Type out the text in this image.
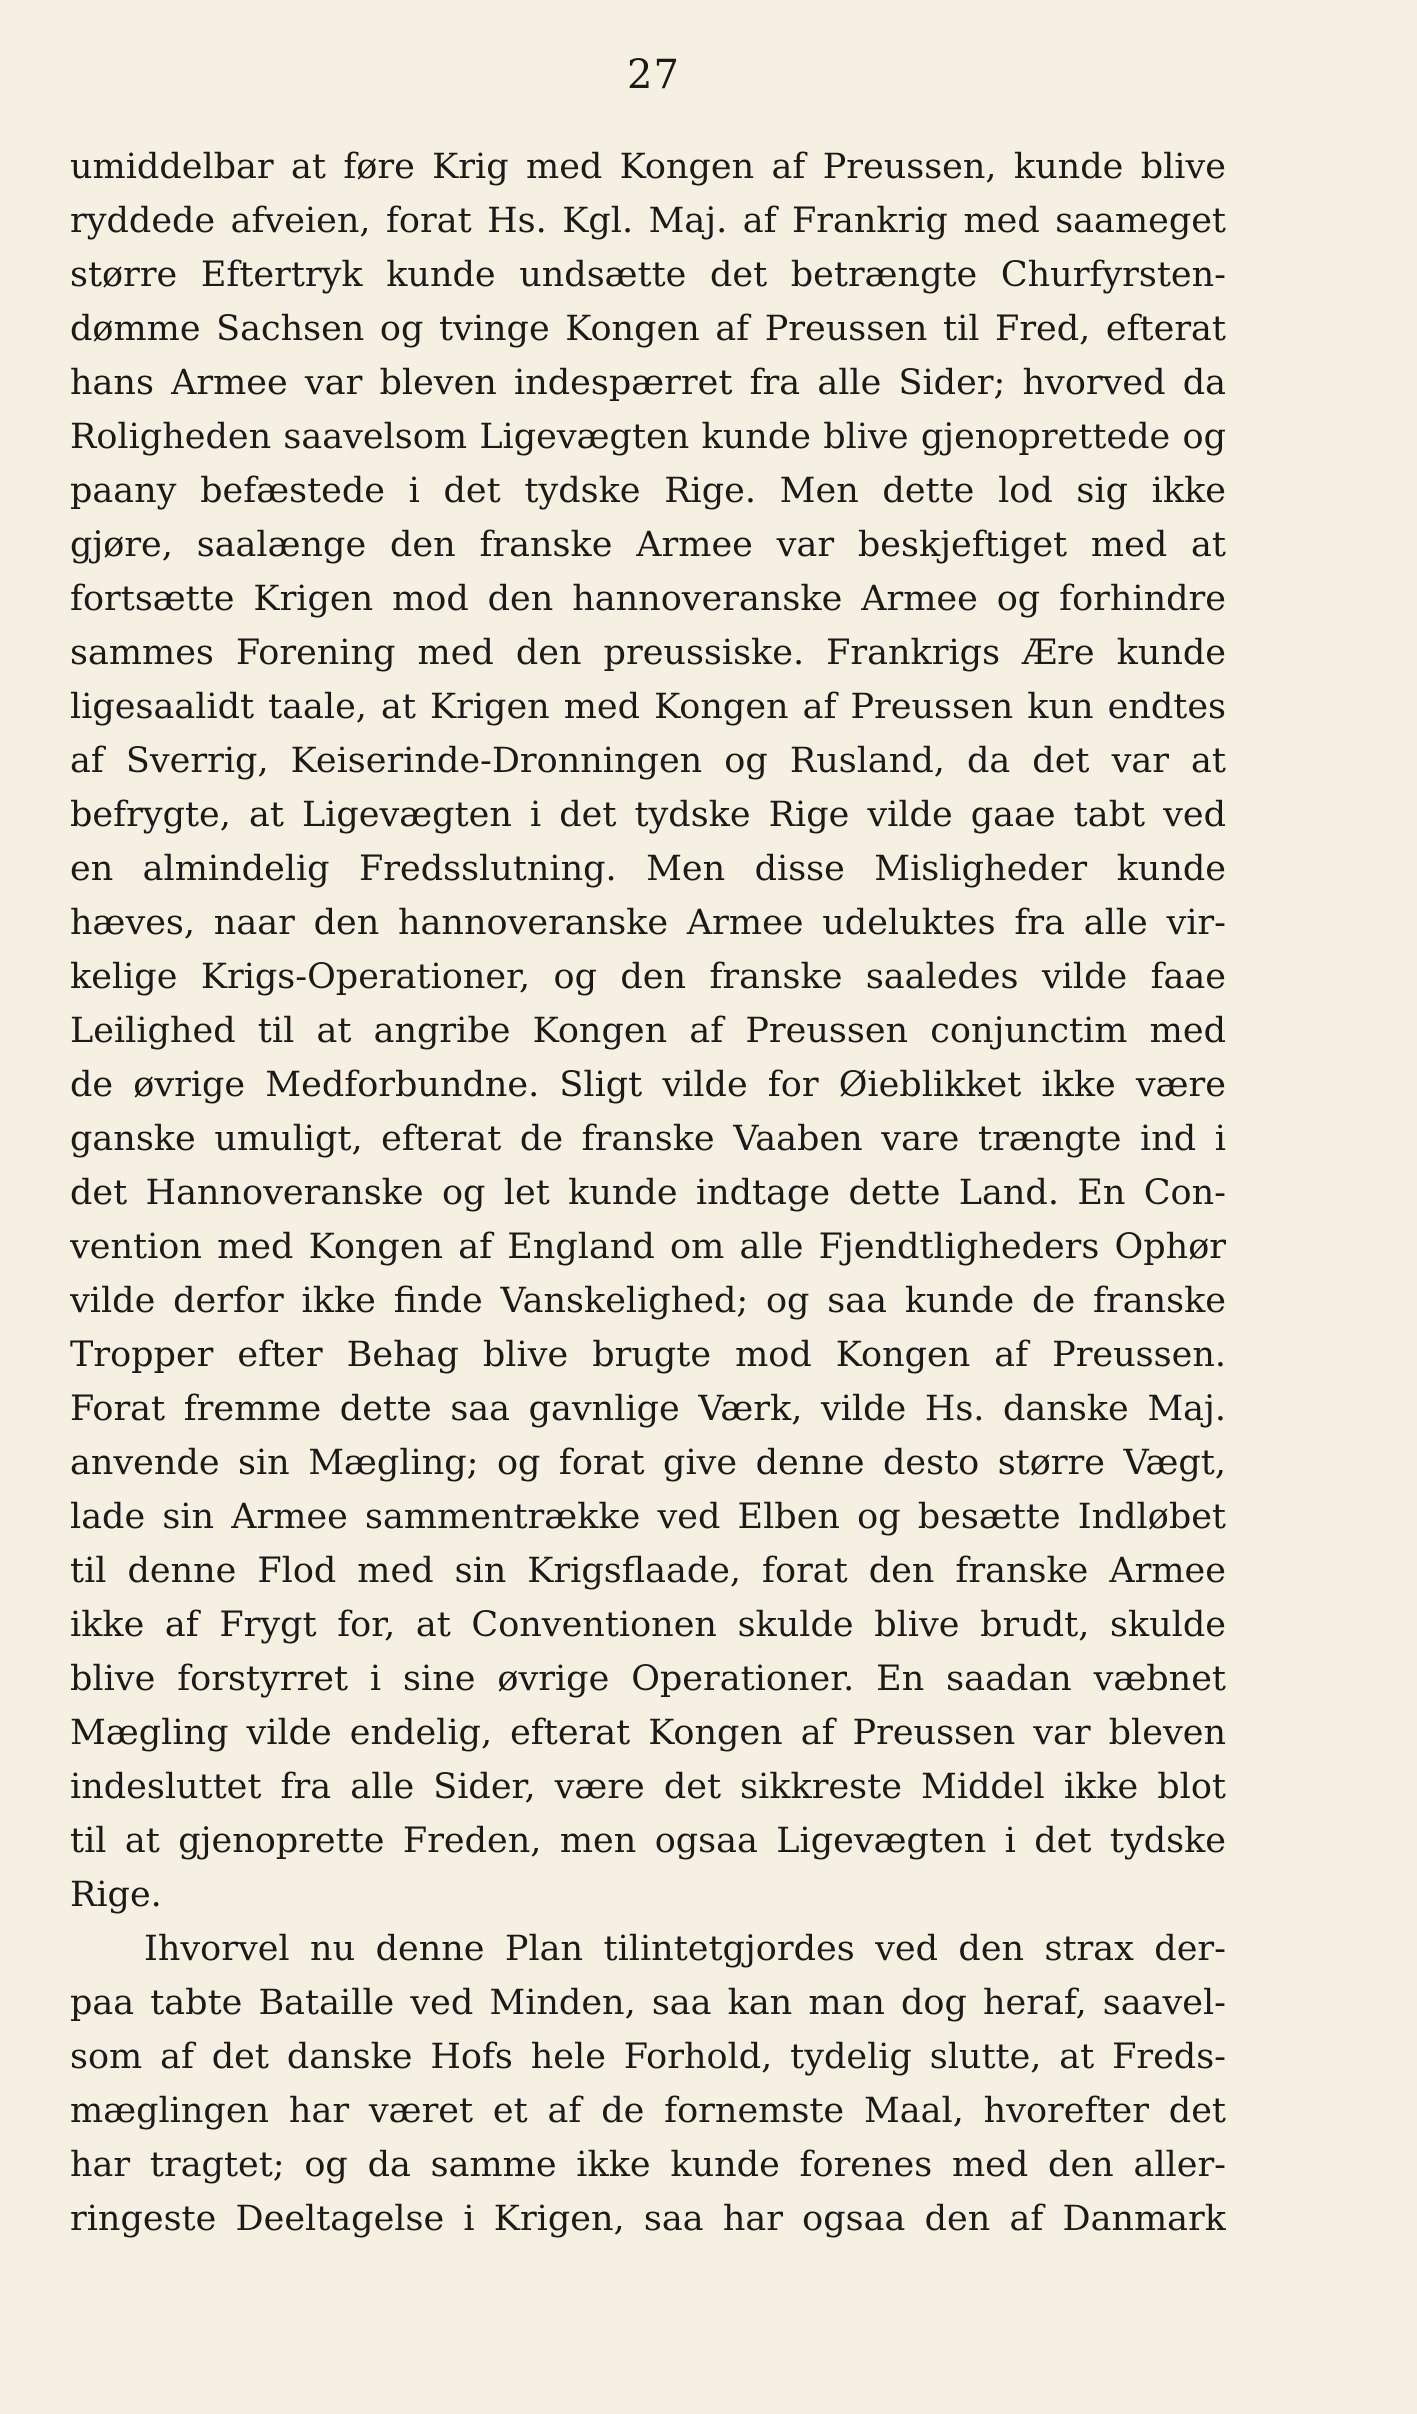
27
umiddelbar at føre Krig med Kongen af Preussen, kunde blive
ryddede afveien, forat Hs. Kgl. Maj. af Frankrig med saameget
større Eftertryk kunde undsætte det betrængte Churfyrsten-
dømme Sachsen og tvinge Kongen af Preussen til Fred, efterat
hans Armee var bleven indespærret fra alle Sider; hvorved da
Roligheden saavelsom Ligevægten kunde blive gjenoprettede og
paany befæstede i det tydske Rige. Men dette lod sig ikke
gjøre, saalænge den franske Armee var beskjeftiget med at
fortsætte Krigen mod den hannoveranske Armee og forhindre
sammes Forening med den preussiske. Frankrigs Ære kunde
ligesaalidt taale, at Krigen med Kongen af Preussen kun endtes
af Sverrig, Keiserinde-Dronningen og Rusland, da det var at
befrygte, at Ligevægten i det tydske Rige vilde gaae tabt ved
en almindelig Fredsslutning. Men disse Misligheder kunde
hæves, naar den hannoveranske Armee udeluktes fra alle vir-
kelige Krigs-Operationer, og den franske saaledes vilde faae
Leilighed til at angribe Kongen af Preussen conjunctim med
de øvrige Medforbundne. Sligt vilde for Øieblikket ikke være
ganske umuligt, efterat de franske Vaaben vare trængte ind i
det Hannoveranske og let kunde indtage dette Land. En Con-
vention med Kongen af England om alle Fjendtligheders Ophør
vilde derfor ikke finde Vanskelighed; og saa kunde de franske
Tropper efter Behag blive brugte mod Kongen af Preussen.
Forat fremme dette saa gavnlige Værk, vilde Hs. danske Maj.
anvende sin Mægling; og forat give denne desto større Vægt,
lade sin Armee sammentrække ved Elben og besætte Indløbet
til denne Flod med sin Krigsflaade, forat den franske Armee
ikke af Frygt for, at Conventionen skulde blive brudt, skulde
blive forstyrret i sine øvrige Operationer. En saadan væbnet
Mægling vilde endelig, efterat Kongen af Preussen var bleven
indesluttet fra alle Sider, være det sikkreste Middel ikke blot
til at gjenoprette Freden, men ogsaa Ligevægten i det tydske
Rige.
Ihvorvel nu denne Plan tilintetgjordes ved den strax der-
paa tabte Bataille ved Minden, saa kan man dog heraf, saavel-
som af det danske Hofs hele Forhold, tydelig slutte, at Freds-
mæglingen har været et af de fornemste Maal, hvorefter det
har tragtet; og da samme ikke kunde forenes med den aller-
ringeste Deeltagelse i Krigen, saa har ogsaa den af Danmark
